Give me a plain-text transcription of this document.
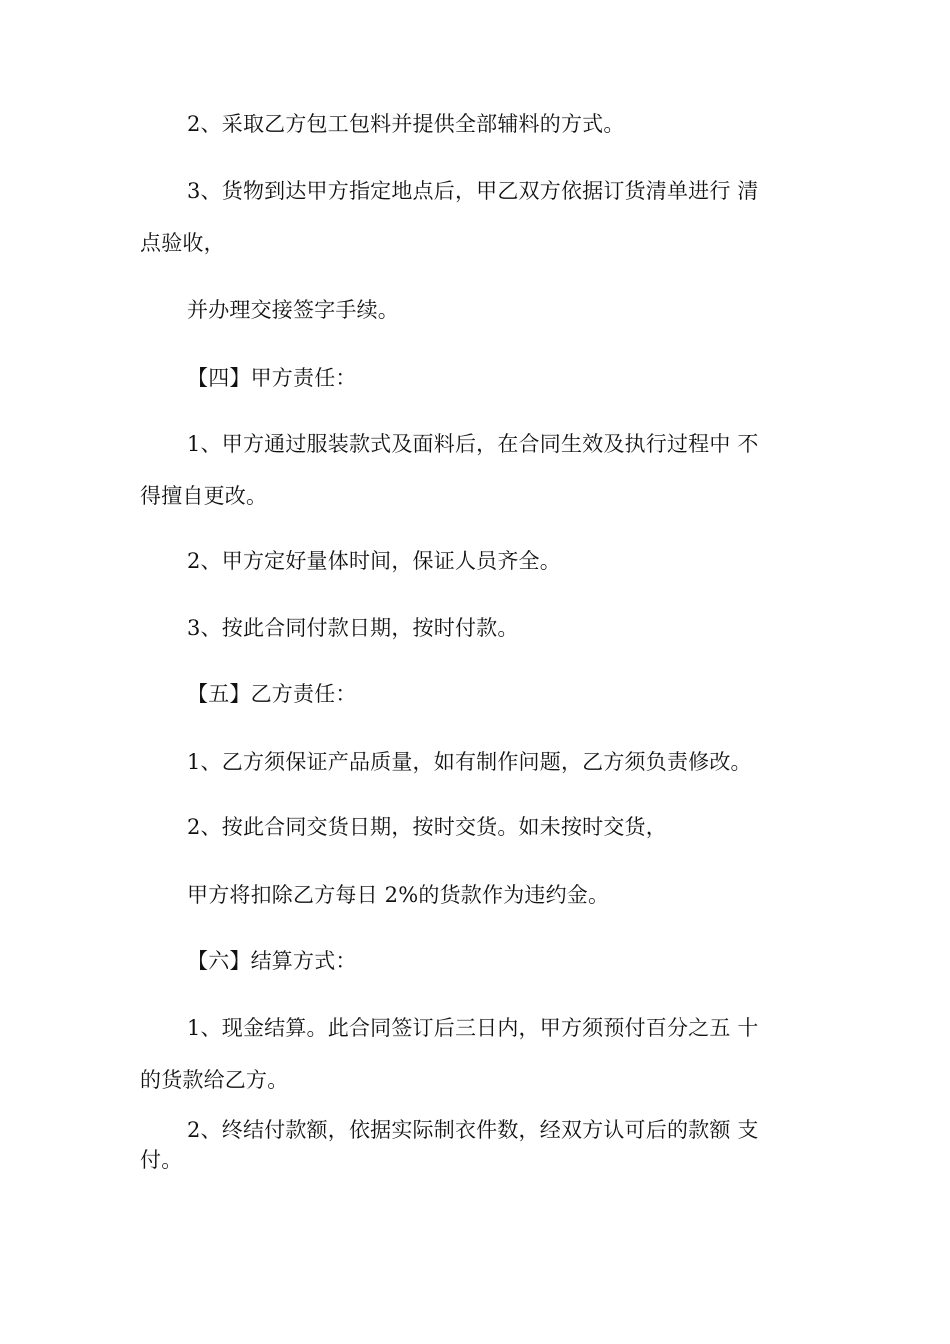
2、采取乙方包工包料并提供全部辅料的方式。
3、货物到达甲方指定地点后，甲乙双方依据订货清单进行 清
点验收，
并办理交接签字手续。
【四】甲方责任：
1、甲方通过服装款式及面料后，在合同生效及执行过程中 不
得擅自更改。
2、甲方定好量体时间，保证人员齐全。
3、按此合同付款日期，按时付款。
【五】乙方责任：
1、乙方须保证产品质量，如有制作问题，乙方须负责修改。
2、按此合同交货日期，按时交货。如未按时交货，
甲方将扣除乙方每日 2%的货款作为违约金。
【六】结算方式：
1、现金结算。此合同签订后三日内，甲方须预付百分之五 十
的货款给乙方。
2、终结付款额，依据实际制衣件数，经双方认可后的款额 支
付。
